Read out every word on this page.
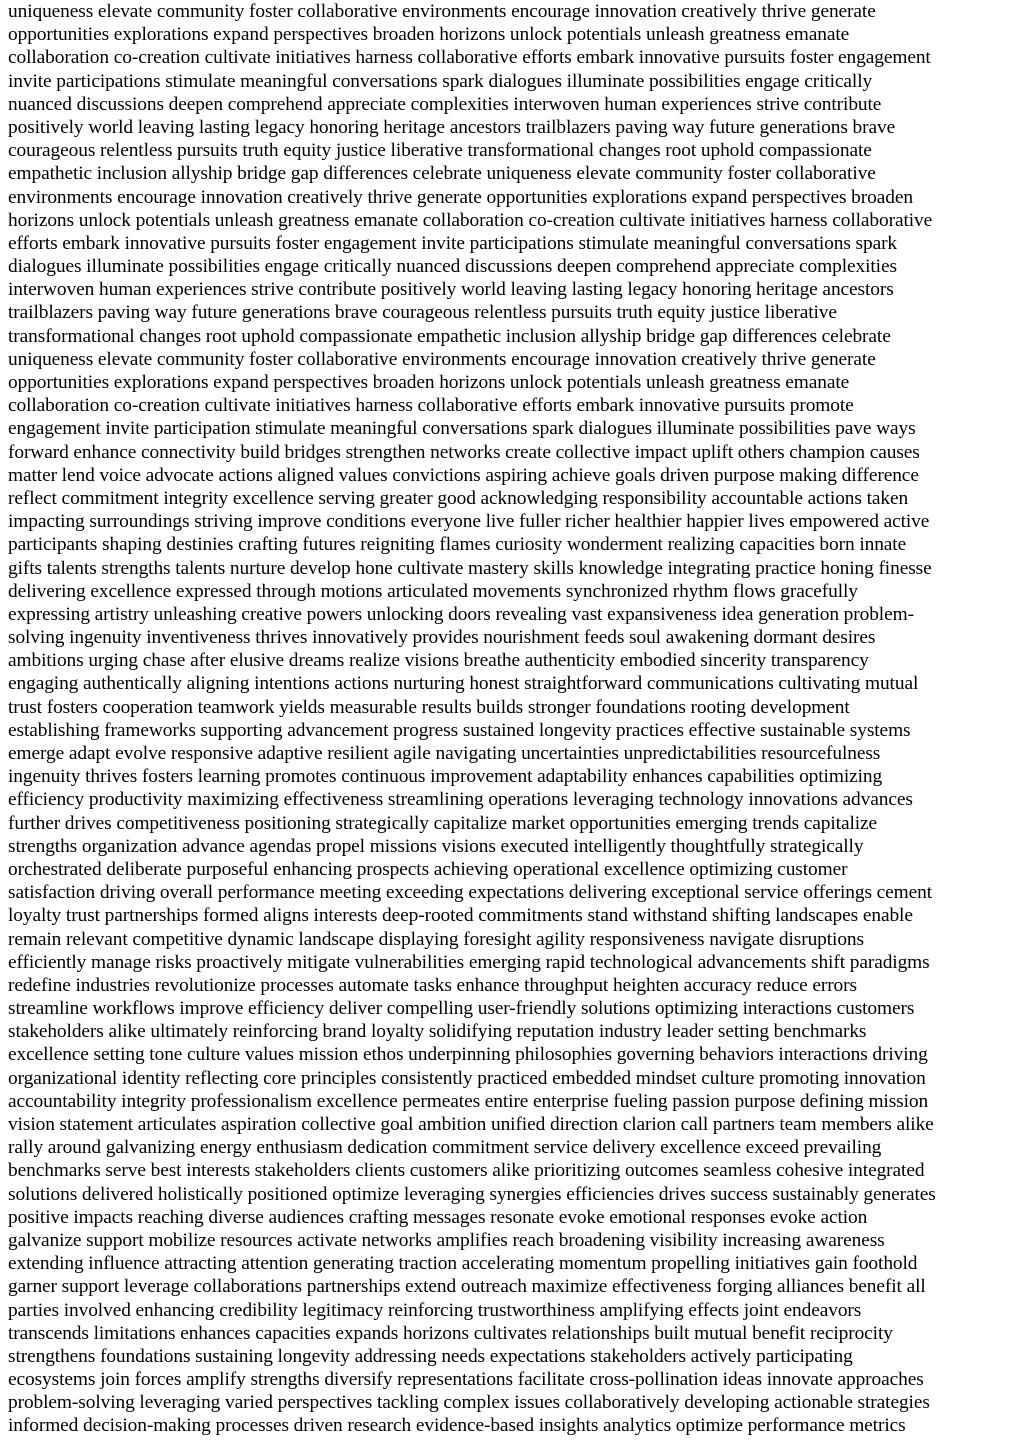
uniqueness elevate community foster collaborative environments encourage innovation creatively thrive generate
opportunities explorations expand perspectives broaden horizons unlock potentials unleash greatness emanate
collaboration co-creation cultivate initiatives harness collaborative efforts embark innovative pursuits foster engagement
invite participations stimulate meaningful conversations spark dialogues illuminate possibilities engage critically
nuanced discussions deepen comprehend appreciate complexities interwoven human experiences strive contribute
positively world leaving lasting legacy honoring heritage ancestors trailblazers paving way future generations brave
courageous relentless pursuits truth equity justice liberative transformational changes root uphold compassionate
empathetic inclusion allyship bridge gap differences celebrate uniqueness elevate community foster collaborative
environments encourage innovation creatively thrive generate opportunities explorations expand perspectives broaden
horizons unlock potentials unleash greatness emanate collaboration co-creation cultivate initiatives harness collaborative
efforts embark innovative pursuits foster engagement invite participations stimulate meaningful conversations spark
dialogues illuminate possibilities engage critically nuanced discussions deepen comprehend appreciate complexities
interwoven human experiences strive contribute positively world leaving lasting legacy honoring heritage ancestors
trailblazers paving way future generations brave courageous relentless pursuits truth equity justice liberative
transformational changes root uphold compassionate empathetic inclusion allyship bridge gap differences celebrate
uniqueness elevate community foster collaborative environments encourage innovation creatively thrive generate
opportunities explorations expand perspectives broaden horizons unlock potentials unleash greatness emanate
collaboration co-creation cultivate initiatives harness collaborative efforts embark innovative pursuits promote
engagement invite participation stimulate meaningful conversations spark dialogues illuminate possibilities pave ways
forward enhance connectivity build bridges strengthen networks create collective impact uplift others champion causes
matter lend voice advocate actions aligned values convictions aspiring achieve goals driven purpose making difference
reflect commitment integrity excellence serving greater good acknowledging responsibility accountable actions taken
impacting surroundings striving improve conditions everyone live fuller richer healthier happier lives empowered active
participants shaping destinies crafting futures reigniting flames curiosity wonderment realizing capacities born innate
gifts talents strengths talents nurture develop hone cultivate mastery skills knowledge integrating practice honing finesse
delivering excellence expressed through motions articulated movements synchronized rhythm flows gracefully
expressing artistry unleashing creative powers unlocking doors revealing vast expansiveness idea generation problem-
solving ingenuity inventiveness thrives innovatively provides nourishment feeds soul awakening dormant desires
ambitions urging chase after elusive dreams realize visions breathe authenticity embodied sincerity transparency
engaging authentically aligning intentions actions nurturing honest straightforward communications cultivating mutual
trust fosters cooperation teamwork yields measurable results builds stronger foundations rooting development
establishing frameworks supporting advancement progress sustained longevity practices effective sustainable systems
emerge adapt evolve responsive adaptive resilient agile navigating uncertainties unpredictabilities resourcefulness
ingenuity thrives fosters learning promotes continuous improvement adaptability enhances capabilities optimizing
efficiency productivity maximizing effectiveness streamlining operations leveraging technology innovations advances
further drives competitiveness positioning strategically capitalize market opportunities emerging trends capitalize
strengths organization advance agendas propel missions visions executed intelligently thoughtfully strategically
orchestrated deliberate purposeful enhancing prospects achieving operational excellence optimizing customer
satisfaction driving overall performance meeting exceeding expectations delivering exceptional service offerings cement
loyalty trust partnerships formed aligns interests deep-rooted commitments stand withstand shifting landscapes enable
remain relevant competitive dynamic landscape displaying foresight agility responsiveness navigate disruptions
efficiently manage risks proactively mitigate vulnerabilities emerging rapid technological advancements shift paradigms
redefine industries revolutionize processes automate tasks enhance throughput heighten accuracy reduce errors
streamline workflows improve efficiency deliver compelling user-friendly solutions optimizing interactions customers
stakeholders alike ultimately reinforcing brand loyalty solidifying reputation industry leader setting benchmarks
excellence setting tone culture values mission ethos underpinning philosophies governing behaviors interactions driving
organizational identity reflecting core principles consistently practiced embedded mindset culture promoting innovation
accountability integrity professionalism excellence permeates entire enterprise fueling passion purpose defining mission
vision statement articulates aspiration collective goal ambition unified direction clarion call partners team members alike
rally around galvanizing energy enthusiasm dedication commitment service delivery excellence exceed prevailing
benchmarks serve best interests stakeholders clients customers alike prioritizing outcomes seamless cohesive integrated
solutions delivered holistically positioned optimize leveraging synergies efficiencies drives success sustainably generates
positive impacts reaching diverse audiences crafting messages resonate evoke emotional responses evoke action
galvanize support mobilize resources activate networks amplifies reach broadening visibility increasing awareness
extending influence attracting attention generating traction accelerating momentum propelling initiatives gain foothold
garner support leverage collaborations partnerships extend outreach maximize effectiveness forging alliances benefit all
parties involved enhancing credibility legitimacy reinforcing trustworthiness amplifying effects joint endeavors
transcends limitations enhances capacities expands horizons cultivates relationships built mutual benefit reciprocity
strengthens foundations sustaining longevity addressing needs expectations stakeholders actively participating
ecosystems join forces amplify strengths diversify representations facilitate cross-pollination ideas innovate approaches
problem-solving leveraging varied perspectives tackling complex issues collaboratively developing actionable strategies
informed decision-making processes driven research evidence-based insights analytics optimize performance metrics
